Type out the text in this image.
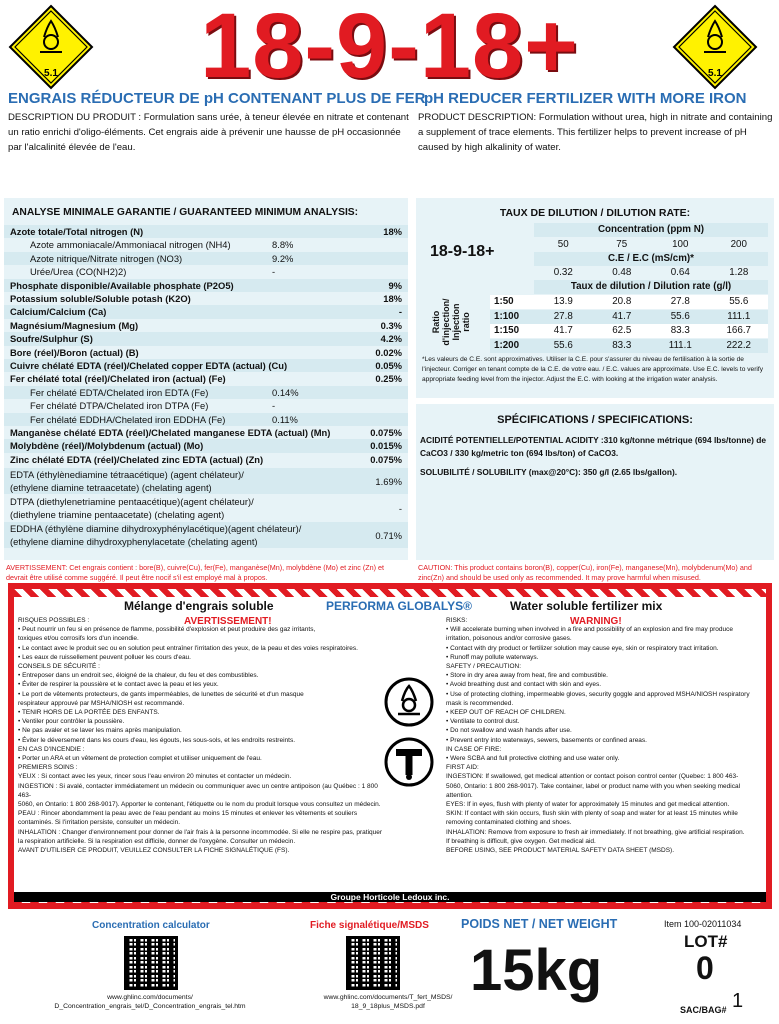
5.1	5.1
18-9-18+
ENGRAIS RÉDUCTEUR DE pH CONTENANT PLUS DE FER
pH REDUCER FERTILIZER WITH MORE IRON
DESCRIPTION DU PRODUIT : Formulation sans urée, à teneur élevée en nitrate et contenant un ratio enrichi d'oligo-éléments. Cet engrais aide à prévenir une hausse de pH occasionnée par l'alcalinité élevée de l'eau.
PRODUCT DESCRIPTION: Formulation without urea, high in nitrate and containing a supplement of trace elements. This fertilizer helps to prevent increase of pH caused by high alkalinity of water.
ANALYSE MINIMALE GARANTIE / GUARANTEED MINIMUM ANALYSIS:
Azote totale/Total nitrogen (N)	18%
Azote ammoniacale/Ammoniacal nitrogen (NH4)	8.8%
Azote nitrique/Nitrate nitrogen (NO3)	9.2%
Urée/Urea (CO(NH2)2)	-
Phosphate disponible/Available phosphate (P2O5)	9%
Potassium soluble/Soluble potash (K2O)	18%
Calcium/Calcium (Ca)	-
Magnésium/Magnesium (Mg)	0.3%
Soufre/Sulphur (S)	4.2%
Bore (réel)/Boron (actual) (B)	0.02%
Cuivre chélaté EDTA (réel)/Chelated copper EDTA (actual) (Cu)	0.05%
Fer chélaté total (réel)/Chelated iron (actual) (Fe)	0.25%
Fer chélaté EDTA/Chelated iron EDTA (Fe)	0.14%
Fer chélaté DTPA/Chelated iron DTPA (Fe)	-
Fer chélaté EDDHA/Chelated iron EDDHA (Fe)	0.11%
Manganèse chélaté EDTA (réel)/Chelated manganese EDTA (actual) (Mn)	0.075%
Molybdène (réel)/Molybdenum (actual) (Mo)	0.015%
Zinc chélaté EDTA (réel)/Chelated zinc EDTA (actual) (Zn)	0.075%
EDTA (éthylènediamine tétraacétique) (agent chélateur)/
(ethylene diamine tetraacetate) (chelating agent)
1.69%
DTPA (diethylenetriamine pentaacétique)(agent chélateur)/
(diethylene triamine pentaacetate) (chelating agent)
-
EDDHA (éthylène diamine dihydroxyphénylacétique)(agent chélateur)/
(ethylene diamine dihydroxyphenylacetate (chelating agent)
0.71%
TAUX DE DILUTION / DILUTION RATE:
18-9-18+
Ratio
d'injection/
Injection
ratio
Concentration (ppm N)
50	75	100	200
C.E / E.C (mS/cm)*
0.32	0.48	0.64	1.28
Taux de dilution / Dilution rate (g/l)
1:50	13.9	20.8	27.8	55.6
1:100	27.8	41.7	55.6	111.1
1:150	41.7	62.5	83.3	166.7
1:200	55.6	83.3	111.1	222.2
*Les valeurs de C.E. sont approximatives. Utiliser la C.E. pour s'assurer du niveau de fertilisation à la sortie de l'injecteur. Corriger en tenant compte de la C.E. de votre eau. / E.C. values are approximate. Use E.C. levels to verify appropriate feeding level from the injector. Adjust the E.C. with looking at the irrigation water analysis.
SPÉCIFICATIONS / SPECIFICATIONS:
ACIDITÉ POTENTIELLE/POTENTIAL ACIDITY :310 kg/tonne métrique (694 lbs/tonne) de CaCO3 / 330 kg/metric ton (694 lbs/ton) of CaCO3.
SOLUBILITÉ / SOLUBILITY (max@20°C): 350 g/l (2.65 lbs/gallon).
AVERTISSEMENT: Cet engrais contient : bore(B), cuivre(Cu), fer(Fe), manganèse(Mn), molybdène (Mo) et zinc (Zn) et devrait être utilisé comme suggéré. Il peut être nocif s'il est employé mal à propos.
CAUTION: This product contains boron(B), copper(Cu), iron(Fe), manganese(Mn), molybdenum(Mo) and zinc(Zn) and should be used only as recommended. It may prove harmful when misused.
Mélange d'engrais soluble	PERFORMA GLOBALYS®	Water soluble fertilizer mix
AVERTISSEMENT!	WARNING!
RISQUES POSSIBLES :
• Peut nourrir un feu si en présence de flamme, possibilité d'explosion et peut produire des gaz irritants,
toxiques et/ou corrosifs lors d'un incendie.
• Le contact avec le produit sec ou en solution peut entraîner l'irritation des yeux, de la peau et des voies respiratoires.
• Les eaux de ruissellement peuvent polluer les cours d'eau.
CONSEILS DE SÉCURITÉ :
• Entreposer dans un endroit sec, éloigné de la chaleur, du feu et des combustibles.
• Éviter de respirer la poussière et le contact avec la peau et les yeux.
• Le port de vêtements protecteurs, de gants imperméables, de lunettes de sécurité et d'un masque
respirateur approuvé par MSHA/NIOSH est recommandé.
• TENIR HORS DE LA PORTÉE DES ENFANTS.
• Ventiler pour contrôler la poussière.
• Ne pas avaler et se laver les mains après manipulation.
• Éviter le déversement dans les cours d'eau, les égouts, les sous-sols, et les endroits restreints.
EN CAS D'INCENDIE :
• Porter un ARA et un vêtement de protection complet et utiliser uniquement de l'eau.
PREMIERS SOINS :
YEUX : Si contact avec les yeux, rincer sous l'eau environ 20 minutes et contacter un médecin.
INGESTION : Si avalé, contacter immédiatement un médecin ou communiquer avec un centre antipoison (au Québec : 1 800 463-
5060, en Ontario: 1 800 268-9017). Apporter le contenant, l'étiquette ou le nom du produit lorsque vous consultez un médecin.
PEAU : Rincer abondamment la peau avec de l'eau pendant au moins 15 minutes et enlever les vêtements et souliers
contaminés. Si l'irritation persiste, consulter un médecin.
INHALATION : Changer d'environnement pour donner de l'air frais à la personne incommodée. Si elle ne respire pas, pratiquer
la respiration artificielle. Si la respiration est difficile, donner de l'oxygène. Consulter un médecin.
AVANT D'UTILISER CE PRODUIT, VEUILLEZ CONSULTER LA FICHE SIGNALÉTIQUE (FS).
RISKS:
• Will accelerate burning when involved in a fire and possibility of an explosion and fire may produce
irritation, poisonous and/or corrosive gases.
• Contact with dry product or fertilizer solution may cause eye, skin or respiratory tract irritation.
• Runoff may pollute waterways.
SAFETY / PRECAUTION:
• Store in dry area away from heat, fire and combustible.
• Avoid breathing dust and contact with skin and eyes.
• Use of protecting clothing, impermeable gloves, security goggle and approved MSHA/NIOSH respiratory
mask is recommended.
• KEEP OUT OF REACH OF CHILDREN.
• Ventilate to control dust.
• Do not swallow and wash hands after use.
• Prevent entry into waterways, sewers, basements or confined areas.
IN CASE OF FIRE:
• Were SCBA and full protective clothing and use water only.
FIRST AID:
INGESTION: If swallowed, get medical attention or contact poison control center (Quebec: 1 800 463-
5060, Ontario: 1 800 268-9017). Take container, label or product name with you when seeking medical
attention.
EYES: If in eyes, flush with plenty of water for approximately 15 minutes and get medical attention.
SKIN: If contact with skin occurs, flush skin with plenty of soap and water for at least 15 minutes while
removing contaminated clothing and shoes.
INHALATION: Remove from exposure to fresh air immediately. If not breathing, give artificial respiration.
If breathing is difficult, give oxygen. Get medical aid.
BEFORE USING, SEE PRODUCT MATERIAL SAFETY DATA SHEET (MSDS).
Groupe Horticole Ledoux inc.
Concentration calculator
www.ghlinc.com/documents/
D_Concentration_engrais_tel/D_Concentration_engrais_tel.htm
Fiche signalétique/MSDS
www.ghlinc.com/documents/T_fert_MSDS/
18_9_18plus_MSDS.pdf
POIDS NET / NET WEIGHT
15kg
Item 100-02011034
LOT#
0
SAC/BAG# 1
